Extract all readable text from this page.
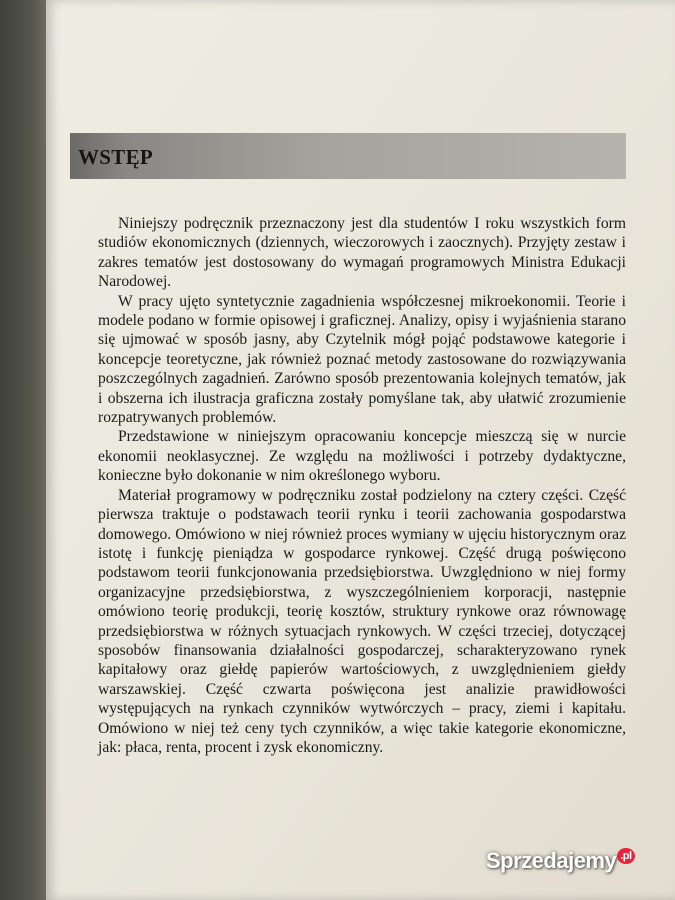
WSTĘP

Niniejszy podręcznik przeznaczony jest dla studentów I roku wszystkich form studiów ekonomicznych (dziennych, wieczorowych i zaocznych). Przyjęty zestaw i zakres tematów jest dostosowany do wymagań programowych Ministra Edukacji Narodowej.

W pracy ujęto syntetycznie zagadnienia współczesnej mikroekonomii. Teorie i modele podano w formie opisowej i graficznej. Analizy, opisy i wyjaśnienia starano się ujmować w sposób jasny, aby Czytelnik mógł pojąć podstawowe kategorie i koncepcje teoretyczne, jak również poznać metody zastosowane do rozwiązywania poszczególnych zagadnień. Zarówno sposób prezentowania kolejnych tematów, jak i obszerna ich ilustracja graficzna zostały pomyślane tak, aby ułatwić zrozumienie rozpatrywanych problemów.

Przedstawione w niniejszym opracowaniu koncepcje mieszczą się w nurcie ekonomii neoklasycznej. Ze względu na możliwości i potrzeby dydaktyczne, konieczne było dokonanie w nim określonego wyboru.

Materiał programowy w podręczniku został podzielony na cztery części. Część pierwsza traktuje o podstawach teorii rynku i teorii zachowania gospodarstwa domowego. Omówiono w niej również proces wymiany w ujęciu historycznym oraz istotę i funkcję pieniądza w gospodarce rynkowej. Część drugą poświęcono podstawom teorii funkcjonowania przedsiębiorstwa. Uwzględniono w niej formy organizacyjne przedsiębiorstwa, z wyszczególnieniem korporacji, następnie omówiono teorię produkcji, teorię kosztów, struktury rynkowe oraz równowagę przedsiębiorstwa w różnych sytuacjach rynkowych. W części trzeciej, dotyczącej sposobów finansowania działalności gospodarczej, scharakteryzowano rynek kapitałowy oraz giełdę papierów wartościowych, z uwzględnieniem giełdy warszawskiej. Część czwarta poświęcona jest analizie prawidłowości występujących na rynkach czynników wytwórczych – pracy, ziemi i kapitału. Omówiono w niej też ceny tych czynników, a więc takie kategorie ekonomiczne, jak: płaca, renta, procent i zysk ekonomiczny.

Sprzedajemy .pl
